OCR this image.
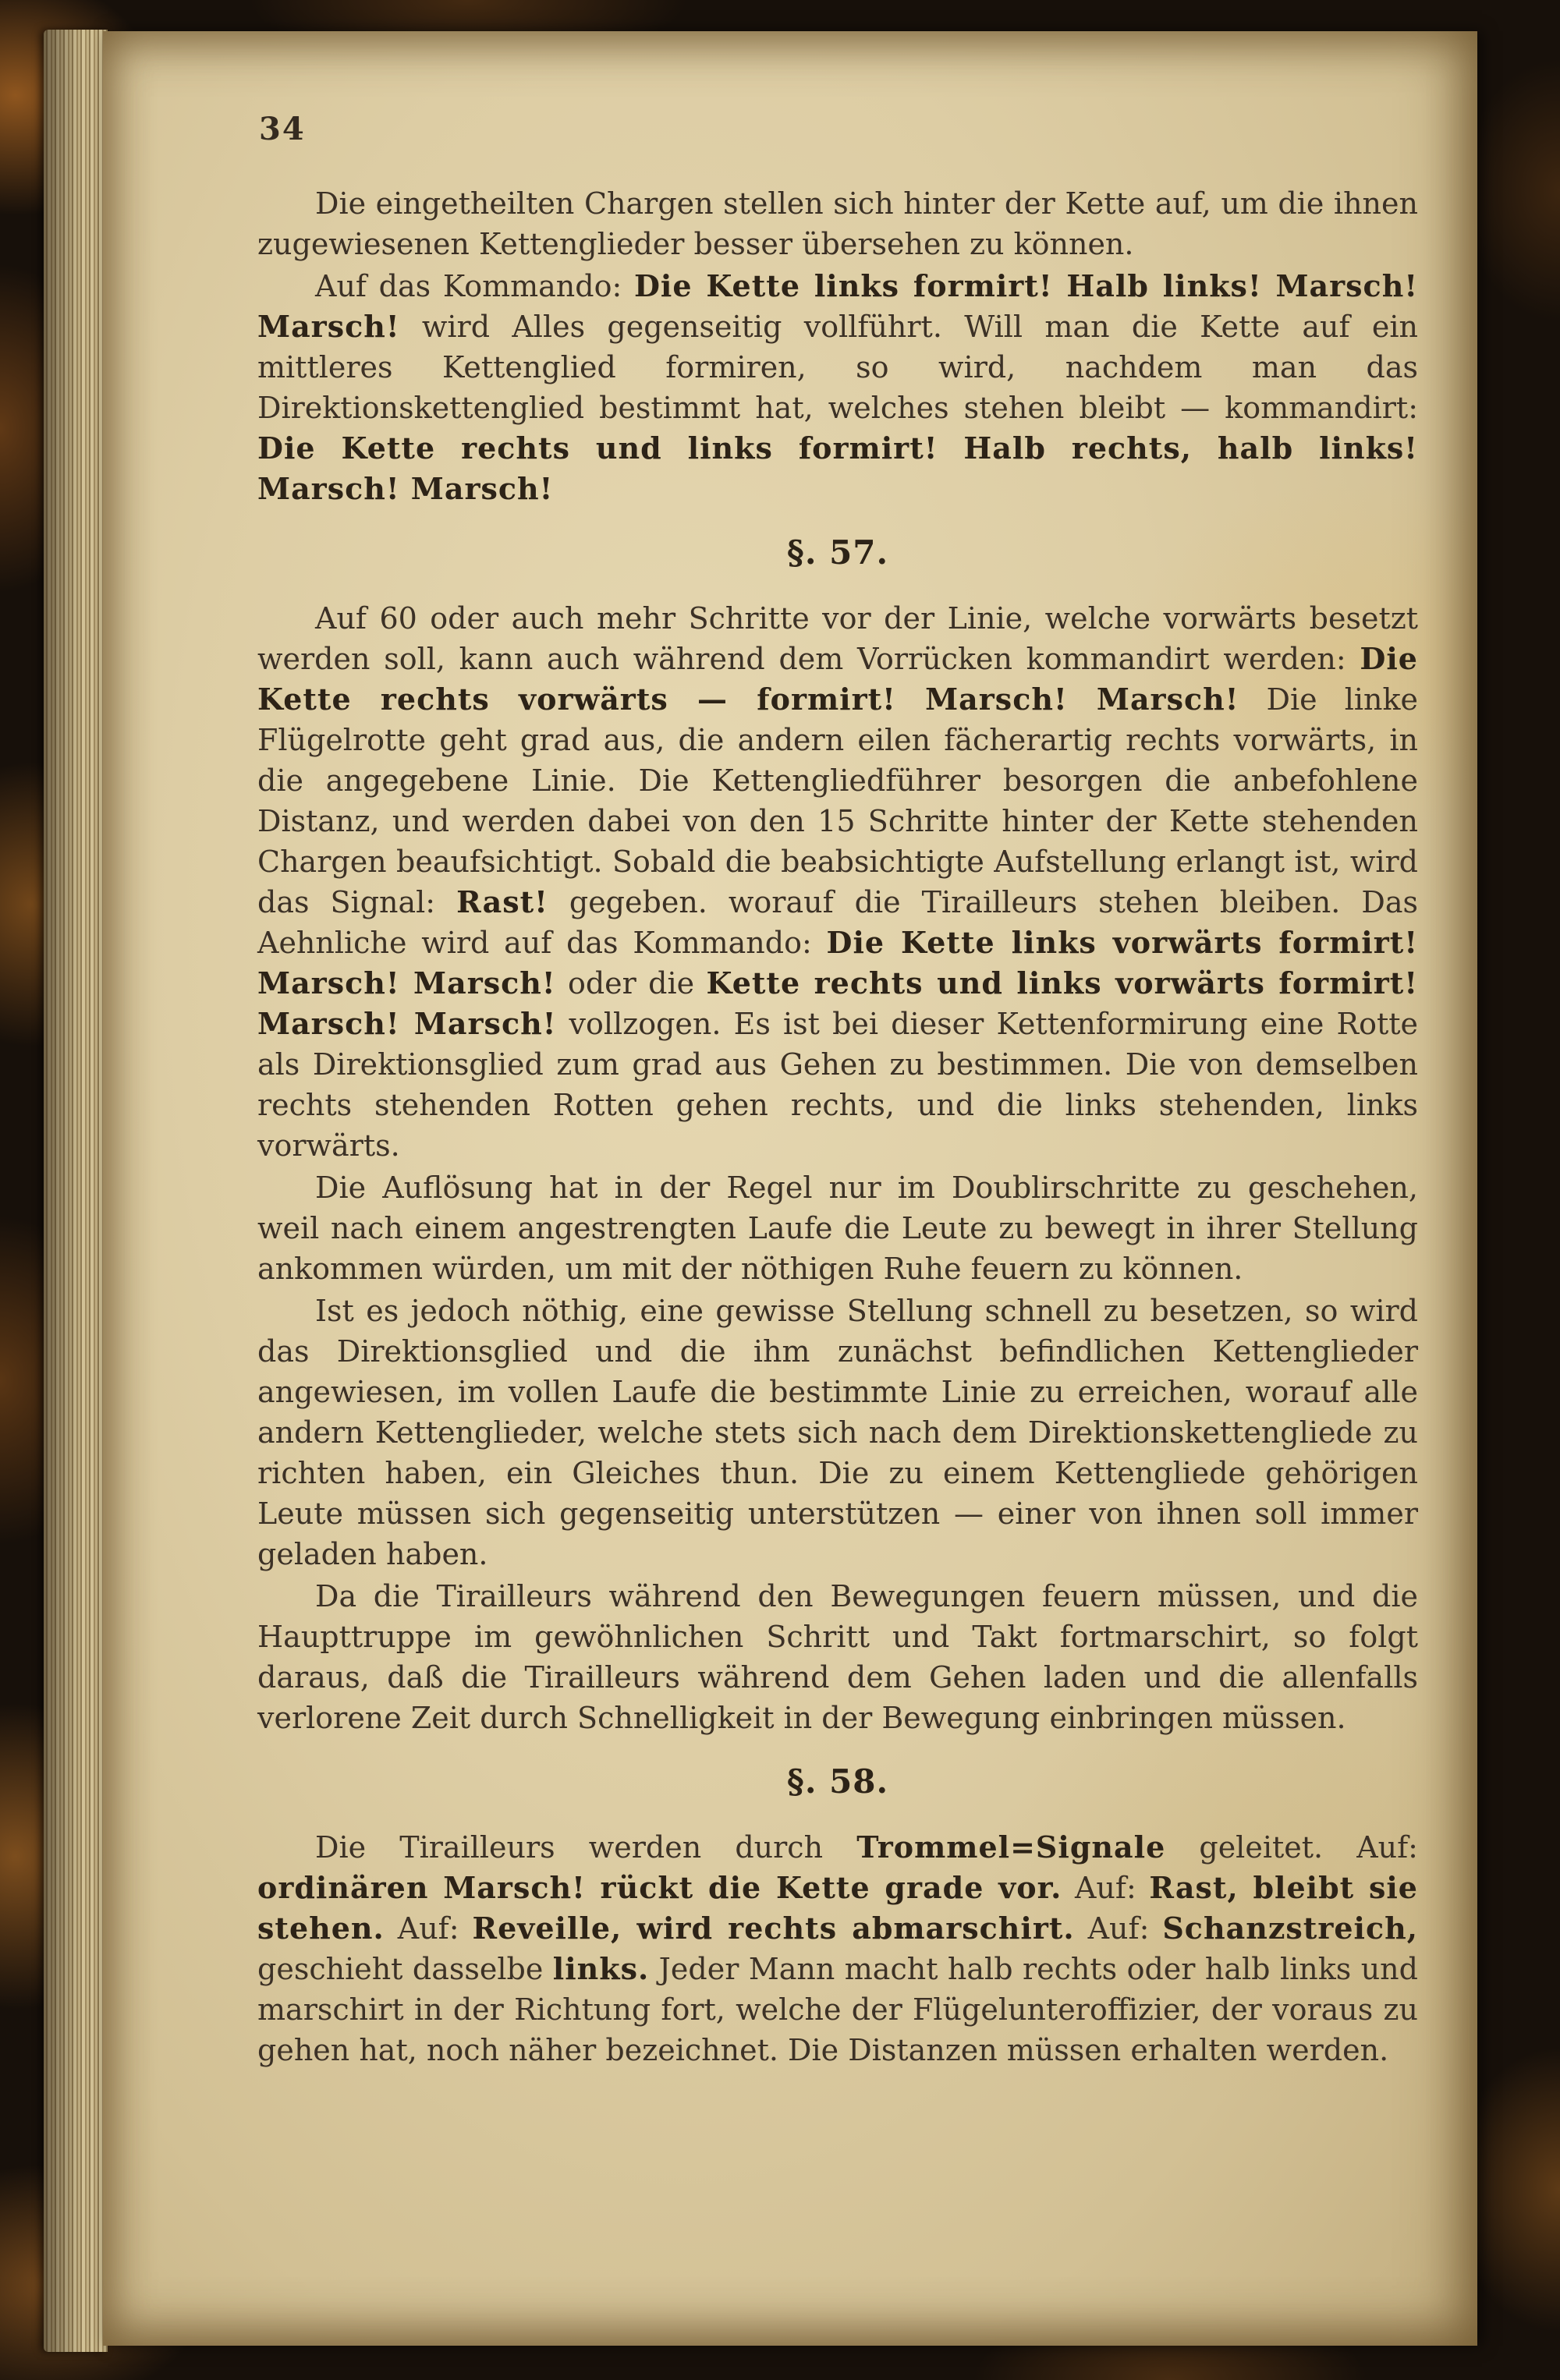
34

Die eingetheilten Chargen stellen sich hinter der Kette auf, um die ihnen zugewiesenen Kettenglieder besser übersehen zu können.

Auf das Kommando: Die Kette links formirt! Halb links! Marsch! Marsch! wird Alles gegenseitig vollführt. Will man die Kette auf ein mittleres Kettenglied formiren, so wird, nachdem man das Direktionskettenglied bestimmt hat, welches stehen bleibt — kommandirt: Die Kette rechts und links formirt! Halb rechts, halb links! Marsch! Marsch!

§. 57.

Auf 60 oder auch mehr Schritte vor der Linie, welche vorwärts besetzt werden soll, kann auch während dem Vorrücken kommandirt werden: Die Kette rechts vorwärts — formirt! Marsch! Marsch! Die linke Flügelrotte geht grad aus, die andern eilen fächerartig rechts vorwärts, in die angegebene Linie. Die Kettengliedführer besorgen die anbefohlene Distanz, und werden dabei von den 15 Schritte hinter der Kette stehenden Chargen beaufsichtigt. Sobald die beabsichtigte Aufstellung erlangt ist, wird das Signal: Rast! gegeben. worauf die Tirailleurs stehen bleiben. Das Aehnliche wird auf das Kommando: Die Kette links vorwärts formirt! Marsch! Marsch! oder die Kette rechts und links vorwärts formirt! Marsch! Marsch! vollzogen. Es ist bei dieser Kettenformirung eine Rotte als Direktionsglied zum grad aus Gehen zu bestimmen. Die von demselben rechts stehenden Rotten gehen rechts, und die links stehenden, links vorwärts.

Die Auflösung hat in der Regel nur im Doublirschritte zu geschehen, weil nach einem angestrengten Laufe die Leute zu bewegt in ihrer Stellung ankommen würden, um mit der nöthigen Ruhe feuern zu können.

Ist es jedoch nöthig, eine gewisse Stellung schnell zu besetzen, so wird das Direktionsglied und die ihm zunächst befindlichen Kettenglieder angewiesen, im vollen Laufe die bestimmte Linie zu erreichen, worauf alle andern Kettenglieder, welche stets sich nach dem Direktionskettengliede zu richten haben, ein Gleiches thun. Die zu einem Kettengliede gehörigen Leute müssen sich gegenseitig unterstützen — einer von ihnen soll immer geladen haben.

Da die Tirailleurs während den Bewegungen feuern müssen, und die Haupttruppe im gewöhnlichen Schritt und Takt fortmarschirt, so folgt daraus, daß die Tirailleurs während dem Gehen laden und die allenfalls verlorene Zeit durch Schnelligkeit in der Bewegung einbringen müssen.

§. 58.

Die Tirailleurs werden durch Trommel=Signale geleitet. Auf: ordinären Marsch! rückt die Kette grade vor. Auf: Rast, bleibt sie stehen. Auf: Reveille, wird rechts abmarschirt. Auf: Schanzstreich, geschieht dasselbe links. Jeder Mann macht halb rechts oder halb links und marschirt in der Richtung fort, welche der Flügelunteroffizier, der voraus zu gehen hat, noch näher bezeichnet. Die Distanzen müssen erhalten werden.
